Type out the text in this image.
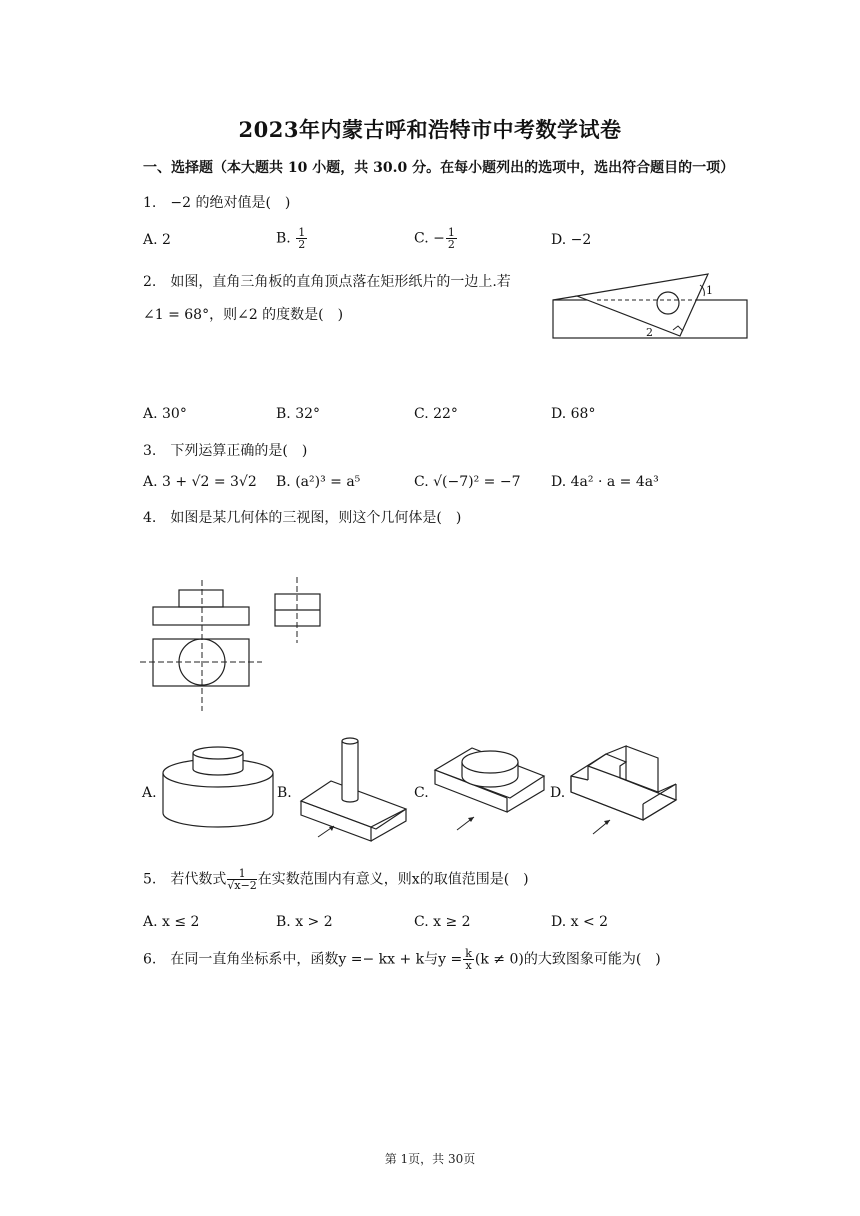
2023年内蒙古呼和浩特市中考数学试卷
一、选择题（本大题共 10 小题，共 30.0 分。在每小题列出的选项中，选出符合题目的一项）
1.　−2 的绝对值是(　)
A. 2	B. $\frac{1}{2}$	C. − $\frac{1}{2}$	D. −2
2.　如图，直角三角板的直角顶点落在矩形纸片的一边上.若
∠1 = 68°，则∠2 的度数是(　)
1
2
A. 30°	B. 32°	C. 22°	D. 68°
3.　下列运算正确的是(　)
A. 3 + √2 = 3√2 B. (a²)³ = a⁵	C. √(−7)² = −7 D. 4a² · a = 4a³
4.　如图是某几何体的三视图，则这个几何体是(　)
A.	B.	C.	D.
5.　若代数式 $\frac{1}{√x-2}$ 在实数范围内有意义，则x的取值范围是(　)
A. x ≤ 2	B. x > 2	C. x ≥ 2	D. x < 2
6.　在同一直角坐标系中，函数y =− kx + k与$y = \frac{k}{x} (k \ne 0)$的大致图象可能为(　)
第 1页，共 30页
